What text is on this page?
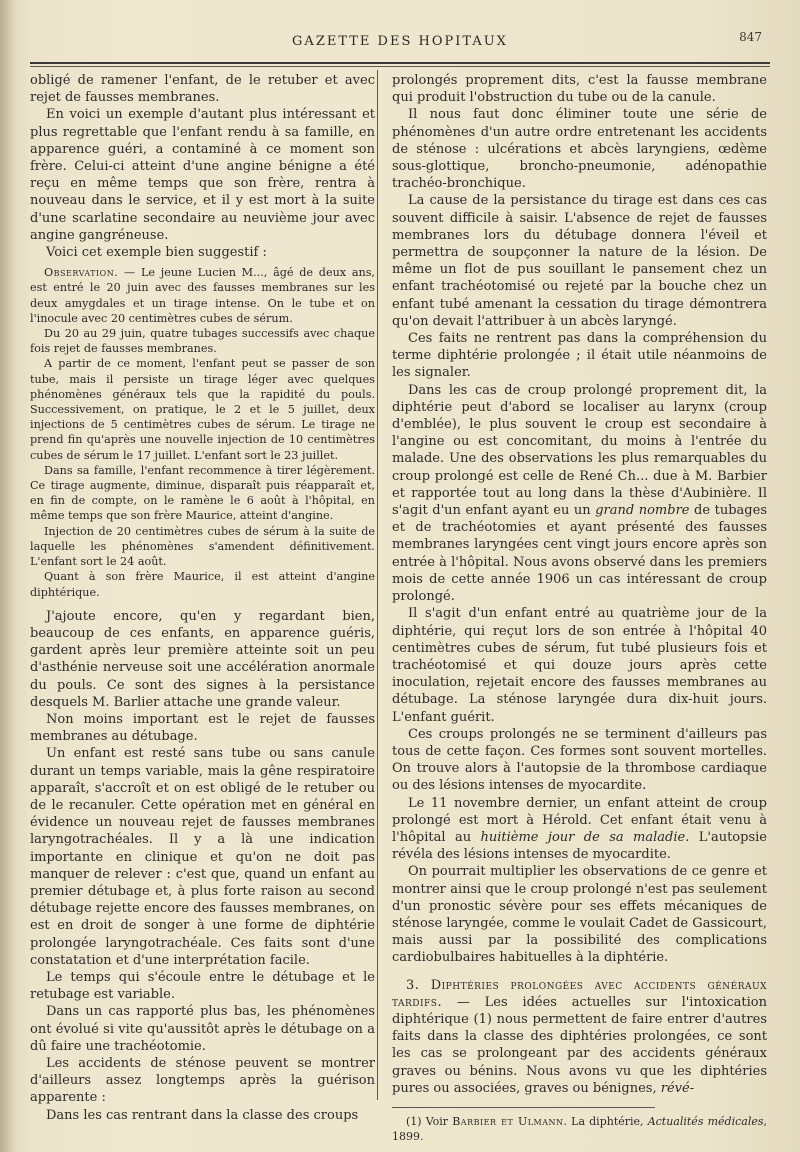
GAZETTE DES HOPITAUX	847

obligé de ramener l'enfant, de le retuber et avec rejet de fausses membranes.

En voici un exemple d'autant plus intéressant et plus regrettable que l'enfant rendu à sa famille, en apparence guéri, a contaminé à ce moment son frère. Celui-ci atteint d'une angine bénigne a été reçu en même temps que son frère, rentra à nouveau dans le service, et il y est mort à la suite d'une scarlatine secondaire au neuvième jour avec angine gangréneuse.

Voici cet exemple bien suggestif :

Observation. — Le jeune Lucien M..., âgé de deux ans, est entré le 20 juin avec des fausses membranes sur les deux amygdales et un tirage intense. On le tube et on l'inocule avec 20 centimètres cubes de sérum.

Du 20 au 29 juin, quatre tubages successifs avec chaque fois rejet de fausses membranes.

A partir de ce moment, l'enfant peut se passer de son tube, mais il persiste un tirage léger avec quelques phénomènes généraux tels que la rapidité du pouls. Successivement, on pratique, le 2 et le 5 juillet, deux injections de 5 centimètres cubes de sérum. Le tirage ne prend fin qu'après une nouvelle injection de 10 centimètres cubes de sérum le 17 juillet. L'enfant sort le 23 juillet.

Dans sa famille, l'enfant recommence à tirer légèrement. Ce tirage augmente, diminue, disparaît puis réapparaît et, en fin de compte, on le ramène le 6 août à l'hôpital, en même temps que son frère Maurice, atteint d'angine.

Injection de 20 centimètres cubes de sérum à la suite de laquelle les phénomènes s'amendent définitivement. L'enfant sort le 24 août.

Quant à son frère Maurice, il est atteint d'angine diphtérique.

J'ajoute encore, qu'en y regardant bien, beaucoup de ces enfants, en apparence guéris, gardent après leur première atteinte soit un peu d'asthénie nerveuse soit une accélération anormale du pouls. Ce sont des signes à la persistance desquels M. Barlier attache une grande valeur.

Non moins important est le rejet de fausses membranes au détubage.

Un enfant est resté sans tube ou sans canule durant un temps variable, mais la gêne respiratoire apparaît, s'accroît et on est obligé de le retuber ou de le recanuler. Cette opération met en général en évidence un nouveau rejet de fausses membranes laryngotrachéales. Il y a là une indication importante en clinique et qu'on ne doit pas manquer de relever : c'est que, quand un enfant au premier détubage et, à plus forte raison au second détubage rejette encore des fausses membranes, on est en droit de songer à une forme de diphtérie prolongée laryngotrachéale. Ces faits sont d'une constatation et d'une interprétation facile.

Le temps qui s'écoule entre le détubage et le retubage est variable.

Dans un cas rapporté plus bas, les phénomènes ont évolué si vite qu'aussitôt après le détubage on a dû faire une trachéotomie.

Les accidents de sténose peuvent se montrer d'ailleurs assez longtemps après la guérison apparente :

Dans les cas rentrant dans la classe des croups

prolongés proprement dits, c'est la fausse membrane qui produit l'obstruction du tube ou de la canule.

Il nous faut donc éliminer toute une série de phénomènes d'un autre ordre entretenant les accidents de sténose : ulcérations et abcès laryngiens, œdème sous-glottique, broncho-pneumonie, adénopathie trachéo-bronchique.

La cause de la persistance du tirage est dans ces cas souvent difficile à saisir. L'absence de rejet de fausses membranes lors du détubage donnera l'éveil et permettra de soupçonner la nature de la lésion. De même un flot de pus souillant le pansement chez un enfant trachéotomisé ou rejeté par la bouche chez un enfant tubé amenant la cessation du tirage démontrera qu'on devait l'attribuer à un abcès laryngé.

Ces faits ne rentrent pas dans la compréhension du terme diphtérie prolongée ; il était utile néanmoins de les signaler.

Dans les cas de croup prolongé proprement dit, la diphtérie peut d'abord se localiser au larynx (croup d'emblée), le plus souvent le croup est secondaire à l'angine ou est concomitant, du moins à l'entrée du malade. Une des observations les plus remarquables du croup prolongé est celle de René Ch... due à M. Barbier et rapportée tout au long dans la thèse d'Aubinière. Il s'agit d'un enfant ayant eu un grand nombre de tubages et de trachéotomies et ayant présenté des fausses membranes laryngées cent vingt jours encore après son entrée à l'hôpital. Nous avons observé dans les premiers mois de cette année 1906 un cas intéressant de croup prolongé.

Il s'agit d'un enfant entré au quatrième jour de la diphtérie, qui reçut lors de son entrée à l'hôpital 40 centimètres cubes de sérum, fut tubé plusieurs fois et trachéotomisé et qui douze jours après cette inoculation, rejetait encore des fausses membranes au détubage. La sténose laryngée dura dix-huit jours. L'enfant guérit.

Ces croups prolongés ne se terminent d'ailleurs pas tous de cette façon. Ces formes sont souvent mortelles. On trouve alors à l'autopsie de la thrombose cardiaque ou des lésions intenses de myocardite.

Le 11 novembre dernier, un enfant atteint de croup prolongé est mort à Hérold. Cet enfant était venu à l'hôpital au huitième jour de sa maladie. L'autopsie révéla des lésions intenses de myocardite.

On pourrait multiplier les observations de ce genre et montrer ainsi que le croup prolongé n'est pas seulement d'un pronostic sévère pour ses effets mécaniques de sténose laryngée, comme le voulait Cadet de Gassicourt, mais aussi par la possibilité des complications cardiobulbaires habituelles à la diphtérie.

3. Diphtéries prolongées avec accidents généraux tardifs. — Les idées actuelles sur l'intoxication diphtérique (1) nous permettent de faire entrer d'autres faits dans la classe des diphtéries prolongées, ce sont les cas se prolongeant par des accidents généraux graves ou bénins. Nous avons vu que les diphtéries pures ou associées, graves ou bénignes, révé-

(1) Voir Barbier et Ulmann. La diphtérie, Actualités médicales, 1899.
